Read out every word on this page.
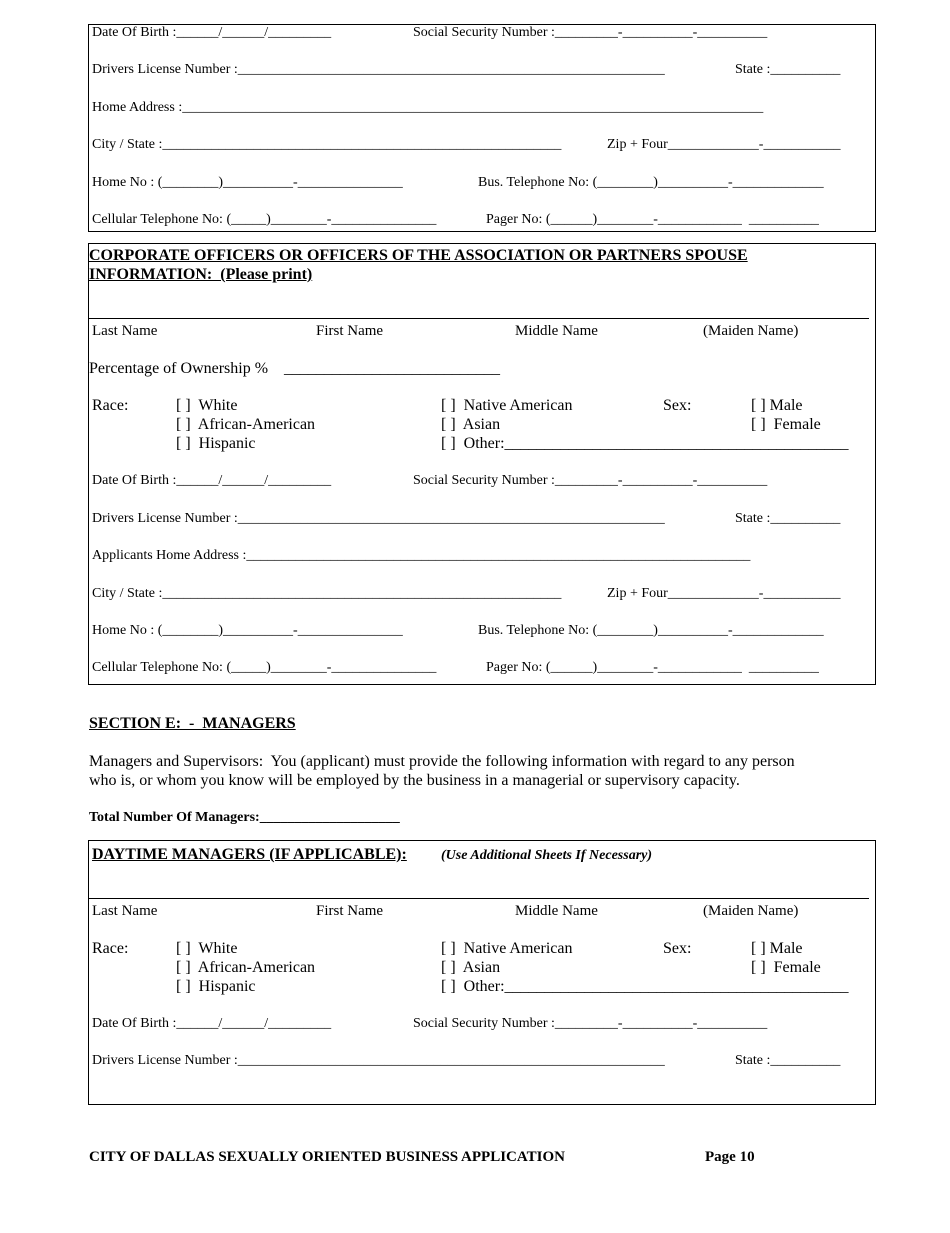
Date Of Birth :______/______/_________	Social Security Number :_________-__________-__________
Drivers License Number :_____________________________________________________________	State :__________
Home Address :___________________________________________________________________________________
City / State :_________________________________________________________	Zip + Four_____________-___________
Home No : (________)__________-_______________	Bus. Telephone No: (________)__________-_____________
Cellular Telephone No: (_____)________-_______________	Pager No: (______)________-____________  __________
CORPORATE OFFICERS OR OFFICERS OF THE ASSOCIATION OR PARTNERS SPOUSE
INFORMATION:  (Please print)
Last Name	First Name	Middle Name	(Maiden Name)
Percentage of Ownership %    ___________________________
Race:	[ ]  White
[ ]  African-American
[ ]  Hispanic
[ ]  Native American
[ ]  Asian
[ ]  Other:___________________________________________
Sex:	[ ] Male
[ ]  Female
Date Of Birth :______/______/_________	Social Security Number :_________-__________-__________
Drivers License Number :_____________________________________________________________	State :__________
Applicants Home Address :________________________________________________________________________
City / State :_________________________________________________________	Zip + Four_____________-___________
Home No : (________)__________-_______________	Bus. Telephone No: (________)__________-_____________
Cellular Telephone No: (_____)________-_______________	Pager No: (______)________-____________  __________
SECTION E:  -  MANAGERS
Managers and Supervisors:  You (applicant) must provide the following information with regard to any person
who is, or whom you know will be employed by the business in a managerial or supervisory capacity.
Total Number Of Managers:____________________
DAYTIME MANAGERS (IF APPLICABLE): (Use Additional Sheets If Necessary)
Last Name	First Name	Middle Name	(Maiden Name)
Race:	[ ]  White
[ ]  African-American
[ ]  Hispanic
[ ]  Native American
[ ]  Asian
[ ]  Other:___________________________________________
Sex:	[ ] Male
[ ]  Female
Date Of Birth :______/______/_________	Social Security Number :_________-__________-__________
Drivers License Number :_____________________________________________________________	State :__________
CITY OF DALLAS SEXUALLY ORIENTED BUSINESS APPLICATION	Page 10
